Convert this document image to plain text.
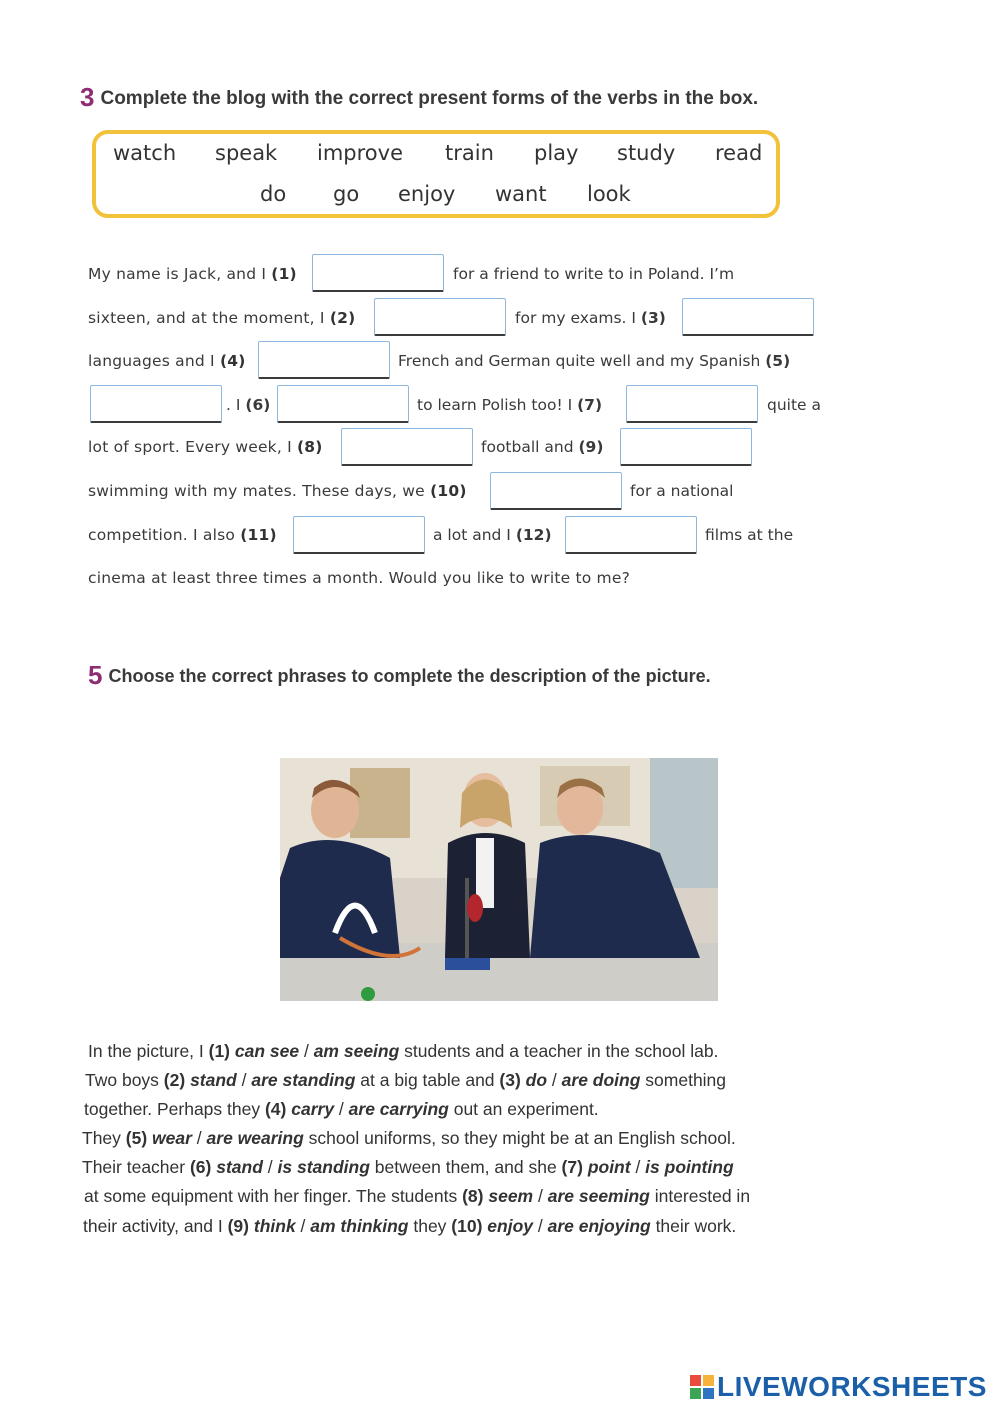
3 Complete the blog with the correct present forms of the verbs in the box.
watch speak improve train play study read
do go enjoy want look
My name is Jack, and I (1)	for a friend to write to in Poland. I’m
sixteen, and at the moment, I (2)	for my exams. I (3)
languages and I (4)	French and German quite well and my Spanish (5)
. I (6)	to learn Polish too! I (7)	quite a
lot of sport. Every week, I (8)	football and (9)
swimming with my mates. These days, we (10)	for a national
competition. I also (11)	a lot and I (12)	films at the
cinema at least three times a month. Would you like to write to me?
5 Choose the correct phrases to complete the description of the picture.
In the picture, I (1) can see / am seeing students and a teacher in the school lab.
Two boys (2) stand / are standing at a big table and (3) do / are doing something
together. Perhaps they (4) carry / are carrying out an experiment.
They (5) wear / are wearing school uniforms, so they might be at an English school.
Their teacher (6) stand / is standing between them, and she (7) point / is pointing
at some equipment with her finger. The students (8) seem / are seeming interested in
their activity, and I (9) think / am thinking they (10) enjoy / are enjoying their work.
LIVEWORKSHEETS
